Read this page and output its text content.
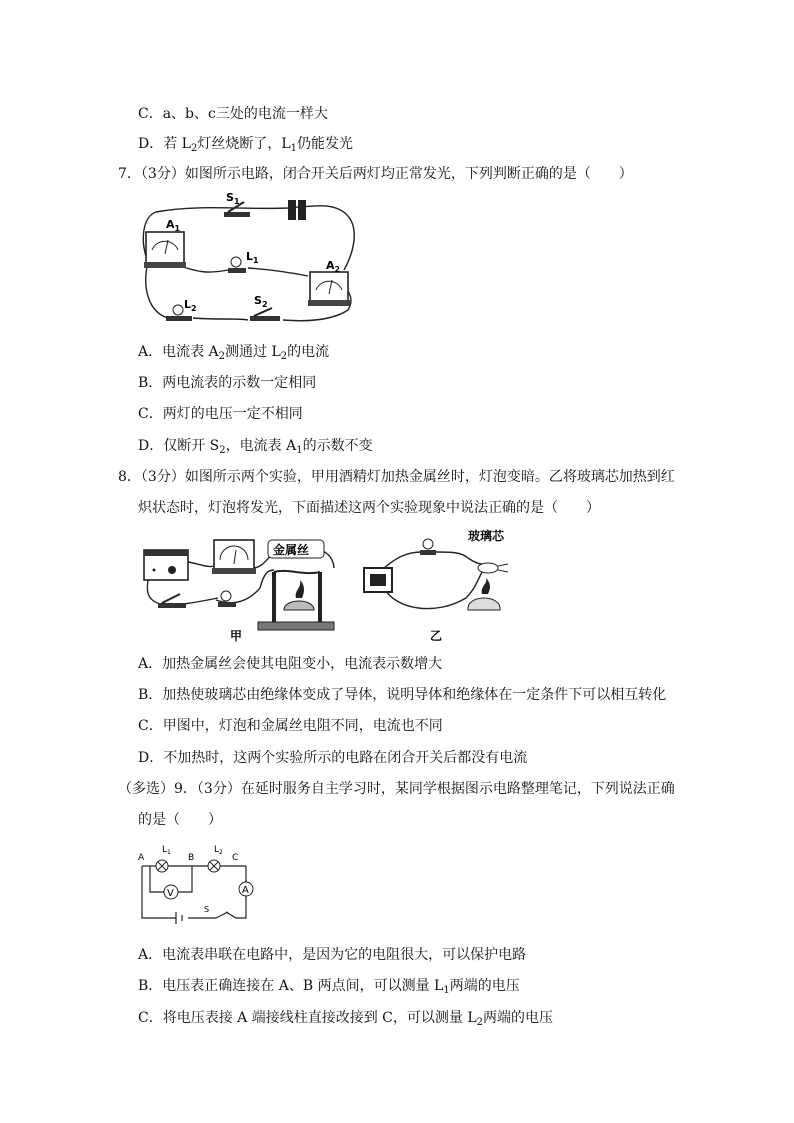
C．a、b、c三处的电流一样大
D．若 $L_2$灯丝烧断了，$L_1$仍能发光
7．（3分）如图所示电路，闭合开关后两灯均正常发光，下列判断正确的是（　　）
$A_1$
$S_1$
$L_1$	$A_2$
$L_2$
$S_2$
A．电流表 $A_2$测通过 $L_2$的电流
B．两电流表的示数一定相同
C．两灯的电压一定不相同
D．仅断开 $S_2$，电流表 $A_1$的示数不变
8．（3分）如图所示两个实验，甲用酒精灯加热金属丝时，灯泡变暗。乙将玻璃芯加热到红
炽状态时，灯泡将发光，下面描述这两个实验现象中说法正确的是（　　）
金属丝
甲
玻璃芯
乙
A．加热金属丝会使其电阻变小，电流表示数增大
B．加热使玻璃芯由绝缘体变成了导体，说明导体和绝缘体在一定条件下可以相互转化
C．甲图中，灯泡和金属丝电阻不同，电流也不同
D．不加热时，这两个实验所示的电路在闭合开关后都没有电流
（多选）9．（3分）在延时服务自主学习时，某同学根据图示电路整理笔记，下列说法正确
的是（　　）
$L_1$	$L_2$
V	A
A	B	C
S
A．电流表串联在电路中，是因为它的电阻很大，可以保护电路
B．电压表正确连接在 A、B 两点间，可以测量 $L_1$两端的电压
C．将电压表接 A 端接线柱直接改接到 C，可以测量 $L_2$两端的电压
